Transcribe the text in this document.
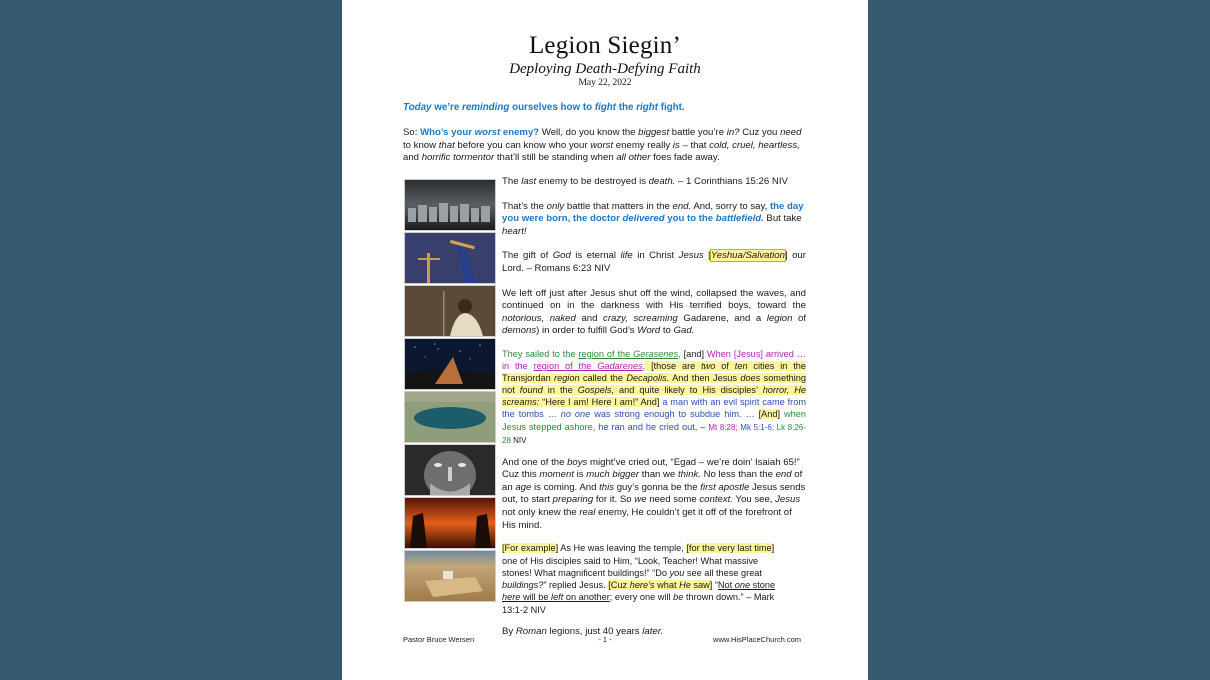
Legion Siegin’
Deploying Death-Defying Faith
May 22, 2022
Today we’re reminding ourselves how to fight the right fight.
So: Who’s your worst enemy? Well, do you know the biggest battle you’re in? Cuz you need to know that before you can know who your worst enemy really is – that cold, cruel, heartless, and horrific tormentor that’ll still be standing when all other foes fade away.

The last enemy to be destroyed is death. – 1 Corinthians 15:26 NIV

That’s the only battle that matters in the end. And, sorry to say, the day you were born, the doctor delivered you to the battlefield. But take heart!

The gift of God is eternal life in Christ Jesus [Yeshua/Salvation] our Lord. – Romans 6:23 NIV

We left off just after Jesus shut off the wind, collapsed the waves, and continued on in the darkness with His terrified boys, toward the notorious, naked and crazy, screaming Gadarene, and a legion of demons) in order to fulfill God’s Word to Gad.

They sailed to the region of the Gerasenes, [and] When [Jesus] arrived … in the region of the Gadarenes, [those are two of ten cities in the Transjordan region called the Decapolis. And then Jesus does something not found in the Gospels, and quite likely to His disciples’ horror, He screams: “Here I am! Here I am!” And] a man with an evil spirit came from the tombs … no one was strong enough to subdue him. … [And] when Jesus stepped ashore, he ran and he cried out, – Mt 8:28; Mk 5:1-6; Lk 8:26-28 NIV

And one of the boys might’ve cried out, “Egad – we’re doin’ Isaiah 65!” Cuz this moment is much bigger than we think. No less than the end of an age is coming. And this guy’s gonna be the first apostle Jesus sends out, to start preparing for it. So we need some context. You see, Jesus not only knew the real enemy, He couldn’t get it off of the forefront of His mind.

[For example] As He was leaving the temple, [for the very last time] one of His disciples said to Him, “Look, Teacher! What massive stones! What magnificent buildings!” “Do you see all these great buildings?” replied Jesus. [Cuz here’s what He saw] “Not one stone here will be left on another; every one will be thrown down.” – Mark 13:1-2 NIV

By Roman legions, just 40 years later.

Pastor Bruce Wersen	- 1 -	www.HisPlaceChurch.com
